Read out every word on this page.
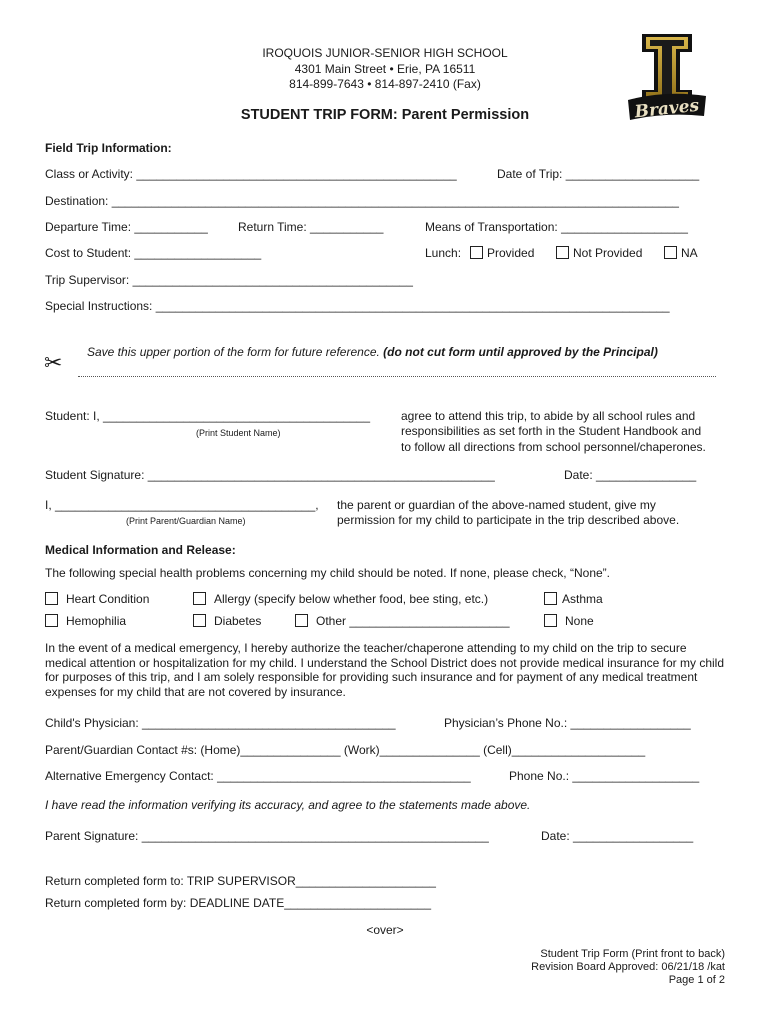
IROQUOIS JUNIOR-SENIOR HIGH SCHOOL
4301 Main Street • Erie, PA 16511
814-899-7643 • 814-897-2410 (Fax)
STUDENT TRIP FORM: Parent Permission	Braves
Field Trip Information:
Class or Activity: ________________________________________________	Date of Trip: ____________________
Destination: _____________________________________________________________________________________
Departure Time: ___________	Return Time: ___________	Means of Transportation: ___________________
Cost to Student: ___________________	Lunch:	Provided	Not Provided	NA
Trip Supervisor: __________________________________________
Special Instructions: _____________________________________________________________________________
✂ Save this upper portion of the form for future reference. (do not cut form until approved by the Principal)
Student: I, ________________________________________
(Print Student Name)
agree to attend this trip, to abide by all school rules and
responsibilities as set forth in the Student Handbook and
to follow all directions from school personnel/chaperones.
Student Signature: ____________________________________________________	Date: _______________
I, _______________________________________,
(Print Parent/Guardian Name)
the parent or guardian of the above-named student, give my
permission for my child to participate in the trip described above.
Medical Information and Release:
The following special health problems concerning my child should be noted. If none, please check, “None”.
Heart Condition	Allergy (specify below whether food, bee sting, etc.)	Asthma
Hemophilia	Diabetes	Other ________________________	None
In the event of a medical emergency, I hereby authorize the teacher/chaperone attending to my child on the trip to secure medical attention or hospitalization for my child. I understand the School District does not provide medical insurance for my child for purposes of this trip, and I am solely responsible for providing such insurance and for payment of any medical treatment expenses for my child that are not covered by insurance.
Child's Physician: ______________________________________	Physician’s Phone No.: __________________
Parent/Guardian Contact #s: (Home)_______________ (Work)_______________ (Cell)____________________
Alternative Emergency Contact: ______________________________________	Phone No.: ___________________
I have read the information verifying its accuracy, and agree to the statements made above.
Parent Signature: ____________________________________________________	Date: __________________
Return completed form to: TRIP SUPERVISOR_____________________
Return completed form by: DEADLINE DATE______________________
<over>
Student Trip Form (Print front to back)
Revision Board Approved: 06/21/18 /kat
Page 1 of 2
